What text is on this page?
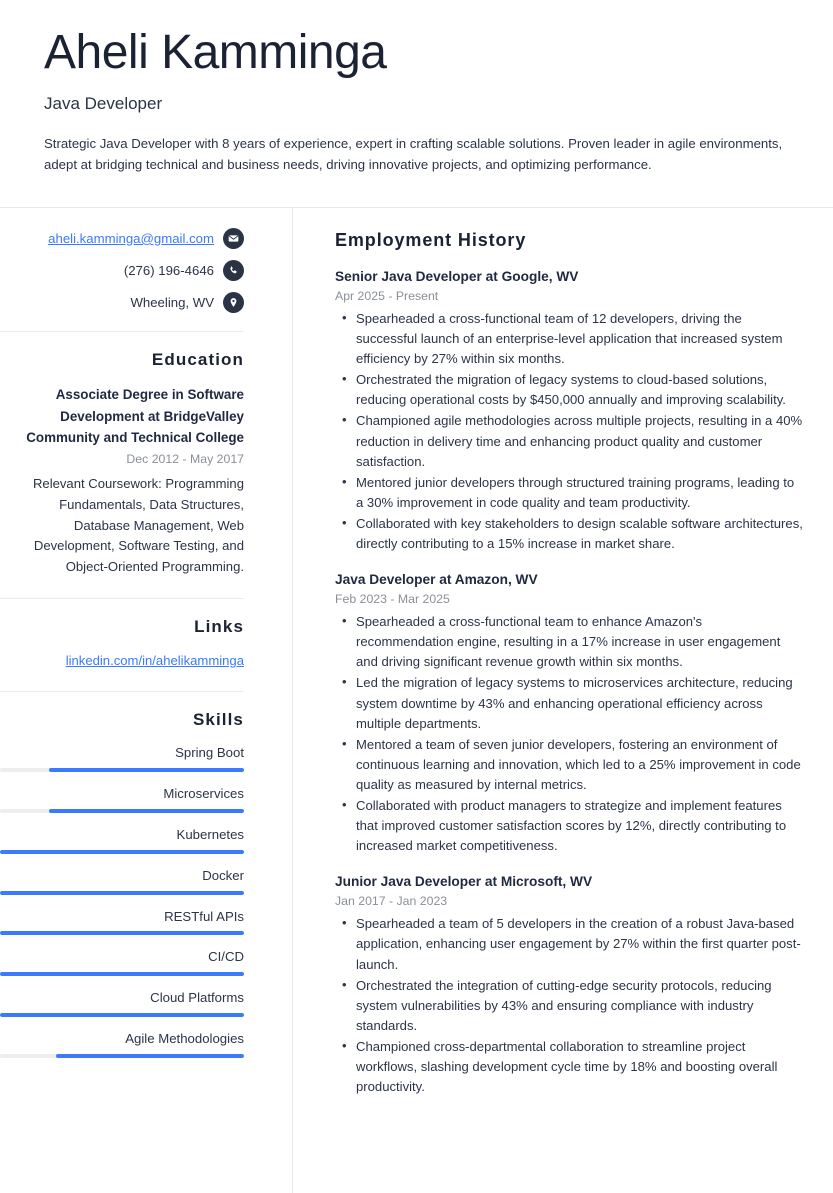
Aheli Kamminga
Java Developer

Strategic Java Developer with 8 years of experience, expert in crafting scalable solutions. Proven leader in agile environments, adept at bridging technical and business needs, driving innovative projects, and optimizing performance.

aheli.kamminga@gmail.com
(276) 196-4646
Wheeling, WV
Education
Associate Degree in Software Development at BridgeValley Community and Technical College
Dec 2012 - May 2017
Relevant Coursework: Programming Fundamentals, Data Structures, Database Management, Web Development, Software Testing, and Object-Oriented Programming.
Links
linkedin.com/in/ahelikamminga
Skills
Spring Boot
Microservices
Kubernetes
Docker
RESTful APIs
CI/CD
Cloud Platforms
Agile Methodologies
Employment History
Senior Java Developer at Google, WV
Apr 2025 - Present
• Spearheaded a cross-functional team of 12 developers, driving the successful launch of an enterprise-level application that increased system efficiency by 27% within six months.
• Orchestrated the migration of legacy systems to cloud-based solutions, reducing operational costs by $450,000 annually and improving scalability.
• Championed agile methodologies across multiple projects, resulting in a 40% reduction in delivery time and enhancing product quality and customer satisfaction.
• Mentored junior developers through structured training programs, leading to a 30% improvement in code quality and team productivity.
• Collaborated with key stakeholders to design scalable software architectures, directly contributing to a 15% increase in market share.
Java Developer at Amazon, WV
Feb 2023 - Mar 2025
• Spearheaded a cross-functional team to enhance Amazon's recommendation engine, resulting in a 17% increase in user engagement and driving significant revenue growth within six months.
• Led the migration of legacy systems to microservices architecture, reducing system downtime by 43% and enhancing operational efficiency across multiple departments.
• Mentored a team of seven junior developers, fostering an environment of continuous learning and innovation, which led to a 25% improvement in code quality as measured by internal metrics.
• Collaborated with product managers to strategize and implement features that improved customer satisfaction scores by 12%, directly contributing to increased market competitiveness.
Junior Java Developer at Microsoft, WV
Jan 2017 - Jan 2023
• Spearheaded a team of 5 developers in the creation of a robust Java-based application, enhancing user engagement by 27% within the first quarter post-launch.
• Orchestrated the integration of cutting-edge security protocols, reducing system vulnerabilities by 43% and ensuring compliance with industry standards.
• Championed cross-departmental collaboration to streamline project workflows, slashing development cycle time by 18% and boosting overall productivity.
